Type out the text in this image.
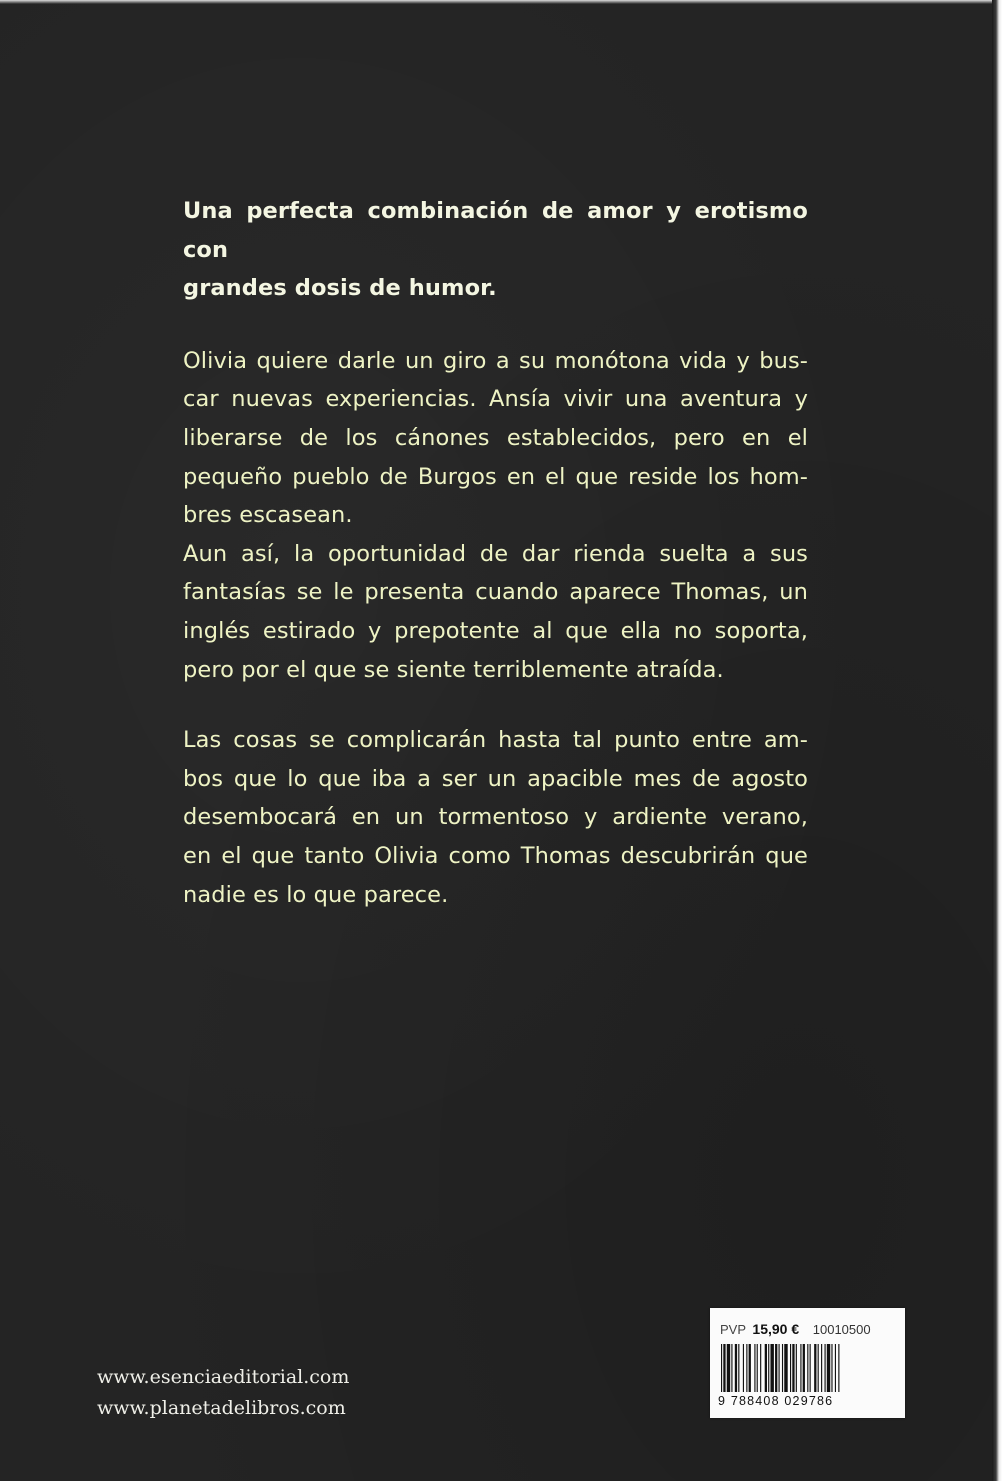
Una perfecta combinación de amor y erotismo con
grandes dosis de humor.
Olivia quiere darle un giro a su monótona vida y bus-
car nuevas experiencias. Ansía vivir una aventura y
liberarse de los cánones establecidos, pero en el
pequeño pueblo de Burgos en el que reside los hom-
bres escasean.
Aun así, la oportunidad de dar rienda suelta a sus
fantasías se le presenta cuando aparece Thomas, un
inglés estirado y prepotente al que ella no soporta,
pero por el que se siente terriblemente atraída.
Las cosas se complicarán hasta tal punto entre am-
bos que lo que iba a ser un apacible mes de agosto
desembocará en un tormentoso y ardiente verano,
en el que tanto Olivia como Thomas descubrirán que
nadie es lo que parece.
www.esenciaeditorial.com
www.planetadelibros.com
PVP 15,90 € 10010500
9 788408 029786
